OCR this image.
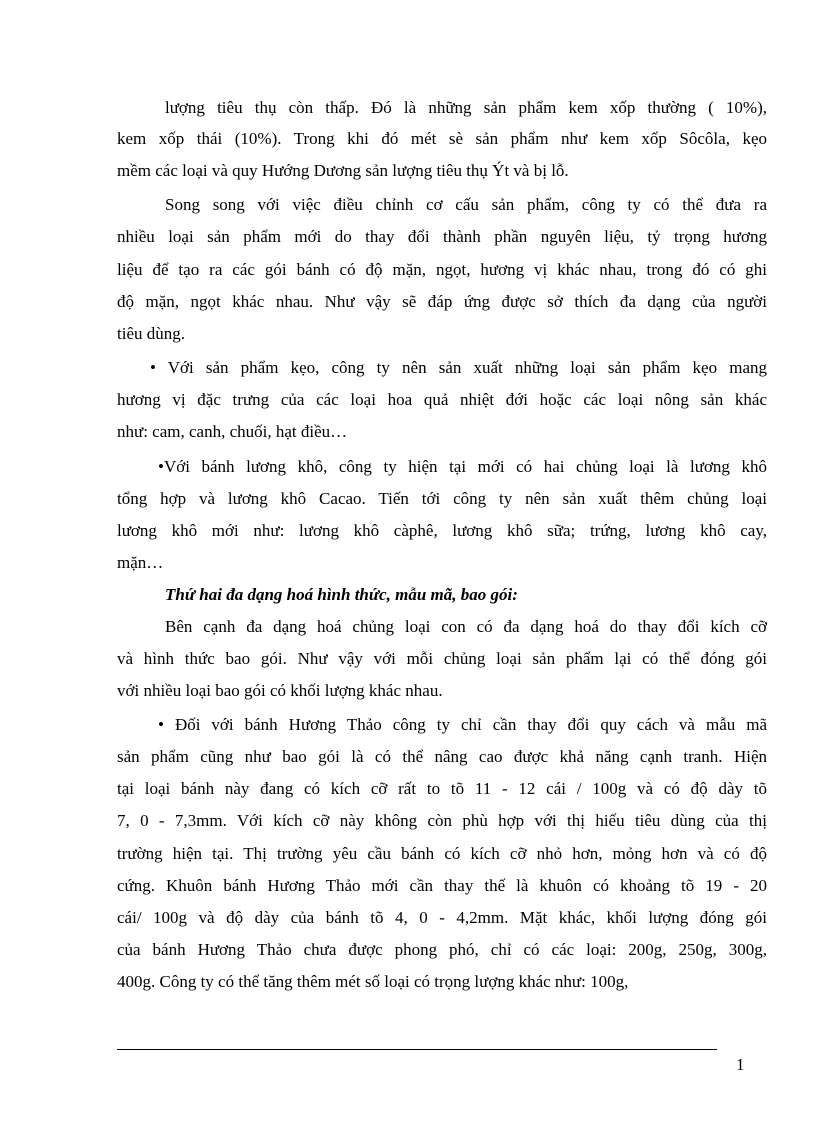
lượng tiêu thụ còn thấp. Đó là những sản phẩm kem xốp thường ( 10%),
kem xốp thái (10%). Trong khi đó mét sè sản phẩm như kem xốp Sôcôla, kẹo
mềm các loại và quy Hướng Dương sản lượng tiêu thụ Ýt và bị lỗ.
Song song với việc điều chỉnh cơ cấu sản phẩm, công ty có thể đưa ra
nhiều loại sản phẩm mới do thay đổi thành phần nguyên liệu, tỷ trọng hương
liệu để tạo ra các gói bánh có độ mặn, ngọt, hương vị khác nhau, trong đó có ghi
độ mặn, ngọt khác nhau. Như vậy sẽ đáp ứng được sở thích đa dạng của người
tiêu dùng.
• Với sản phẩm kẹo, công ty nên sản xuất những loại sản phẩm kẹo mang
hương vị đặc trưng của các loại hoa quả nhiệt đới hoặc các loại nông sản khác
như: cam, canh, chuối, hạt điều…
•Với bánh lương khô, công ty hiện tại mới có hai chủng loại là lương khô
tổng hợp và lương khô Cacao. Tiến tới công ty nên sản xuất thêm chủng loại
lương khô mới như: lương khô càphê, lương khô sữa; trứng, lương khô cay,
mặn…
Thứ hai đa dạng hoá hình thức, mẫu mã, bao gói:
Bên cạnh đa dạng hoá chủng loại con có đa dạng hoá do thay đổi kích cỡ
và hình thức bao gói. Như vậy với mỗi chủng loại sản phẩm lại có thể đóng gói
với nhiều loại bao gói có khối lượng khác nhau.
• Đối với bánh Hương Thảo công ty chỉ cần thay đổi quy cách và mẫu mã
sản phẩm cũng như bao gói là có thể nâng cao được khả năng cạnh tranh. Hiện
tại loại bánh này đang có kích cỡ rất to tõ 11 - 12 cái / 100g và có độ dày tõ
7, 0 - 7,3mm. Với kích cỡ này không còn phù hợp với thị hiếu tiêu dùng của thị
trường hiện tại. Thị trường yêu cầu bánh có kích cỡ nhỏ hơn, mỏng hơn và có độ
cứng. Khuôn bánh Hương Thảo mới cần thay thế là khuôn có khoảng tõ 19 - 20
cái/ 100g và độ dày của bánh tõ 4, 0 - 4,2mm. Mặt khác, khối lượng đóng gói
của bánh Hương Thảo chưa được phong phó, chỉ có các loại: 200g, 250g, 300g,
400g. Công ty có thể tăng thêm mét số loại có trọng lượng khác như: 100g,
1
